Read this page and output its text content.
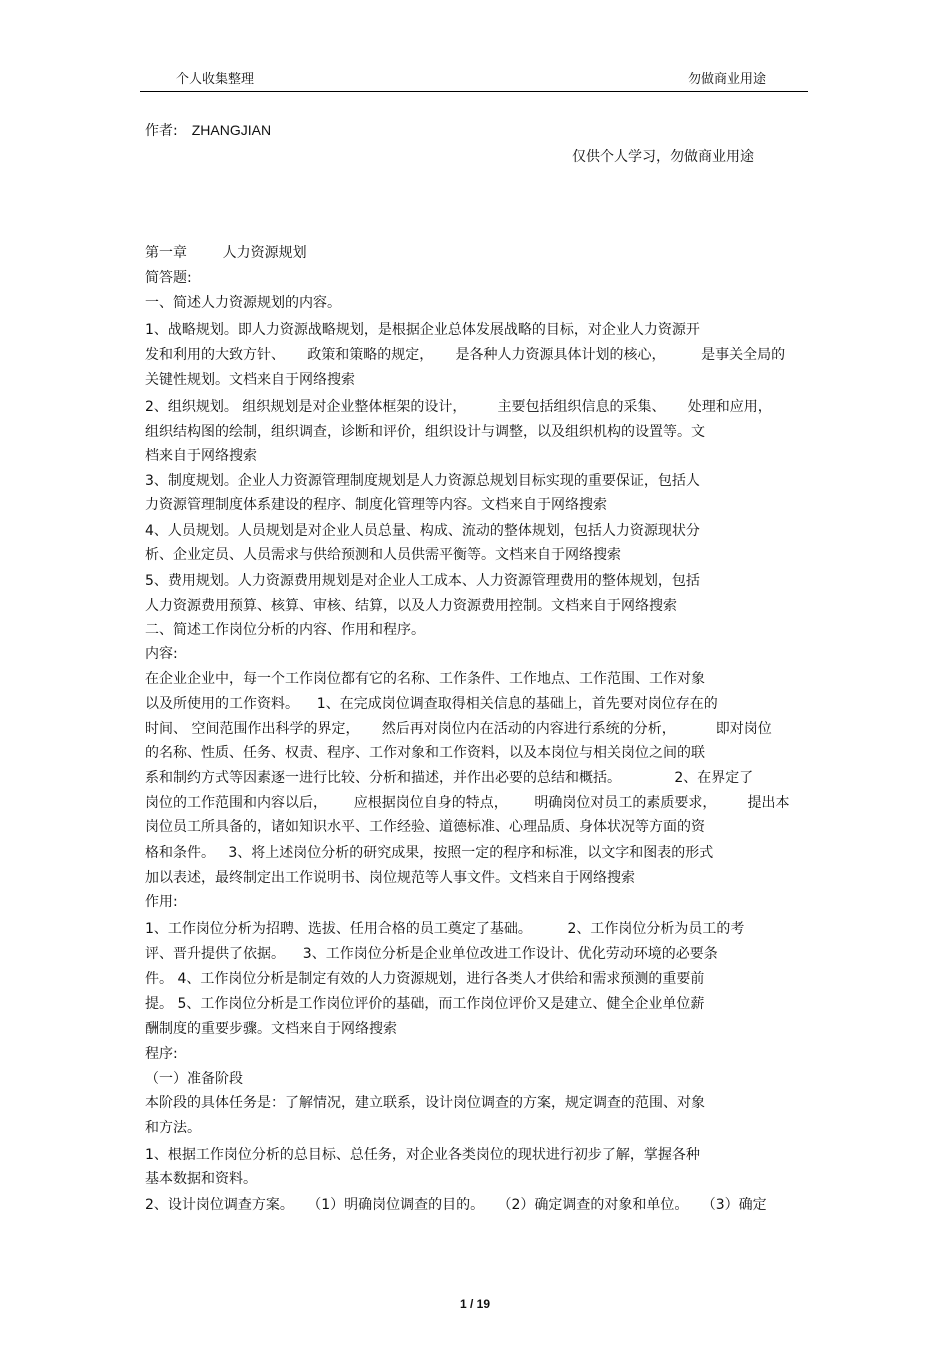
个人收集整理	勿做商业用途
作者: ZHANGJIAN
仅供个人学习，勿做商业用途
第一章        人力资源规划
简答题:
一、简述人力资源规划的内容。
1、战略规划。即人力资源战略规划，是根据企业总体发展战略的目标，对企业人力资源开
发和利用的大致方针、     政策和策略的规定，     是各种人力资源具体计划的核心，        是事关全局的
关键性规划。文档来自于网络搜索
2、组织规划。 组织规划是对企业整体框架的设计，       主要包括组织信息的采集、     处理和应用，
组织结构图的绘制，组织调查，诊断和评价，组织设计与调整，以及组织机构的设置等。文
档来自于网络搜索
3、制度规划。企业人力资源管理制度规划是人力资源总规划目标实现的重要保证，包括人
力资源管理制度体系建设的程序、制度化管理等内容。文档来自于网络搜索
4、人员规划。人员规划是对企业人员总量、构成、流动的整体规划，包括人力资源现状分
析、企业定员、人员需求与供给预测和人员供需平衡等。文档来自于网络搜索
5、费用规划。人力资源费用规划是对企业人工成本、人力资源管理费用的整体规划，包括
人力资源费用预算、核算、审核、结算，以及人力资源费用控制。文档来自于网络搜索
二、简述工作岗位分析的内容、作用和程序。
内容:
在企业企业中，每一个工作岗位都有它的名称、工作条件、工作地点、工作范围、工作对象
以及所使用的工作资料。    1、在完成岗位调查取得相关信息的基础上，首先要对岗位存在的
时间、 空间范围作出科学的界定，     然后再对岗位内在活动的内容进行系统的分析，         即对岗位
的名称、性质、任务、权责、程序、工作对象和工作资料，以及本岗位与相关岗位之间的联
系和制约方式等因素逐一进行比较、分析和描述，并作出必要的总结和概括。            2、在界定了
岗位的工作范围和内容以后，      应根据岗位自身的特点，      明确岗位对员工的素质要求，       提出本
岗位员工所具备的，诸如知识水平、工作经验、道德标准、心理品质、身体状况等方面的资
格和条件。   3、将上述岗位分析的研究成果，按照一定的程序和标准，以文字和图表的形式
加以表述，最终制定出工作说明书、岗位规范等人事文件。文档来自于网络搜索
作用:
1、工作岗位分析为招聘、选拔、任用合格的员工奠定了基础。        2、工作岗位分析为员工的考
评、晋升提供了依据。    3、工作岗位分析是企业单位改进工作设计、优化劳动环境的必要条
件。 4、工作岗位分析是制定有效的人力资源规划，进行各类人才供给和需求预测的重要前
提。 5、工作岗位分析是工作岗位评价的基础，而工作岗位评价又是建立、健全企业单位薪
酬制度的重要步骤。文档来自于网络搜索
程序:
（一）准备阶段
本阶段的具体任务是：了解情况，建立联系，设计岗位调查的方案，规定调查的范围、对象
和方法。
1、根据工作岗位分析的总目标、总任务，对企业各类岗位的现状进行初步了解，掌握各种
基本数据和资料。
2、设计岗位调查方案。   （1）明确岗位调查的目的。   （2）确定调查的对象和单位。   （3）确定
1 / 19
